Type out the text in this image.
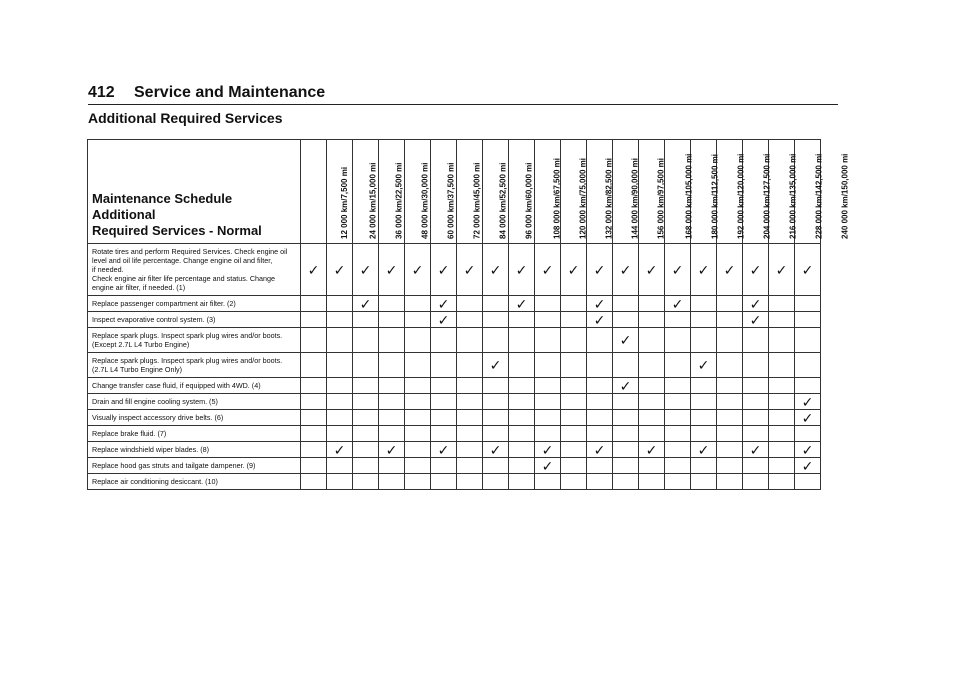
412	Service and Maintenance
Additional Required Services
Maintenance Schedule Additional
Required Services - Normal	12 000 km/7,500 mi	24 000 km/15,000 mi	36 000 km/22,500 mi	48 000 km/30,000 mi	60 000 km/37,500 mi	72 000 km/45,000 mi	84 000 km/52,500 mi	96 000 km/60,000 mi	108 000 km/67,500 mi	120 000 km/75,000 mi	132 000 km/82,500 mi	144 000 km/90,000 mi	156 000 km/97,500 mi	168 000 km/105,000 mi	180 000 km/112,500 mi	192 000 km/120,000 mi	204 000 km/127,500 mi	216 000 km/135,000 mi	228 000 km/142,500 mi	240 000 km/150,000 mi

Rotate tires and perform Required Services. Check engine oil
level and oil life percentage. Change engine oil and filter,
if needed.
Check engine air filter life percentage and status. Change
engine air filter, if needed. (1)	✓	✓	✓	✓	✓	✓	✓	✓	✓	✓	✓	✓	✓	✓	✓	✓	✓	✓	✓	✓

Replace passenger compartment air filter. (2)			✓			✓			✓			✓			✓			✓		

Inspect evaporative control system. (3)						✓						✓						✓		

Replace spark plugs. Inspect spark plug wires and/or boots.
(Except 2.7L L4 Turbo Engine)													✓							

Replace spark plugs. Inspect spark plug wires and/or boots.
(2.7L L4 Turbo Engine Only)								✓								✓				

Change transfer case fluid, if equipped with 4WD. (4)													✓							

Drain and fill engine cooling system. (5)																				✓

Visually inspect accessory drive belts. (6)																				✓

Replace brake fluid. (7)																				

Replace windshield wiper blades. (8)		✓		✓		✓		✓		✓		✓		✓		✓		✓		✓

Replace hood gas struts and tailgate dampener. (9)										✓										✓

Replace air conditioning desiccant. (10)																				
